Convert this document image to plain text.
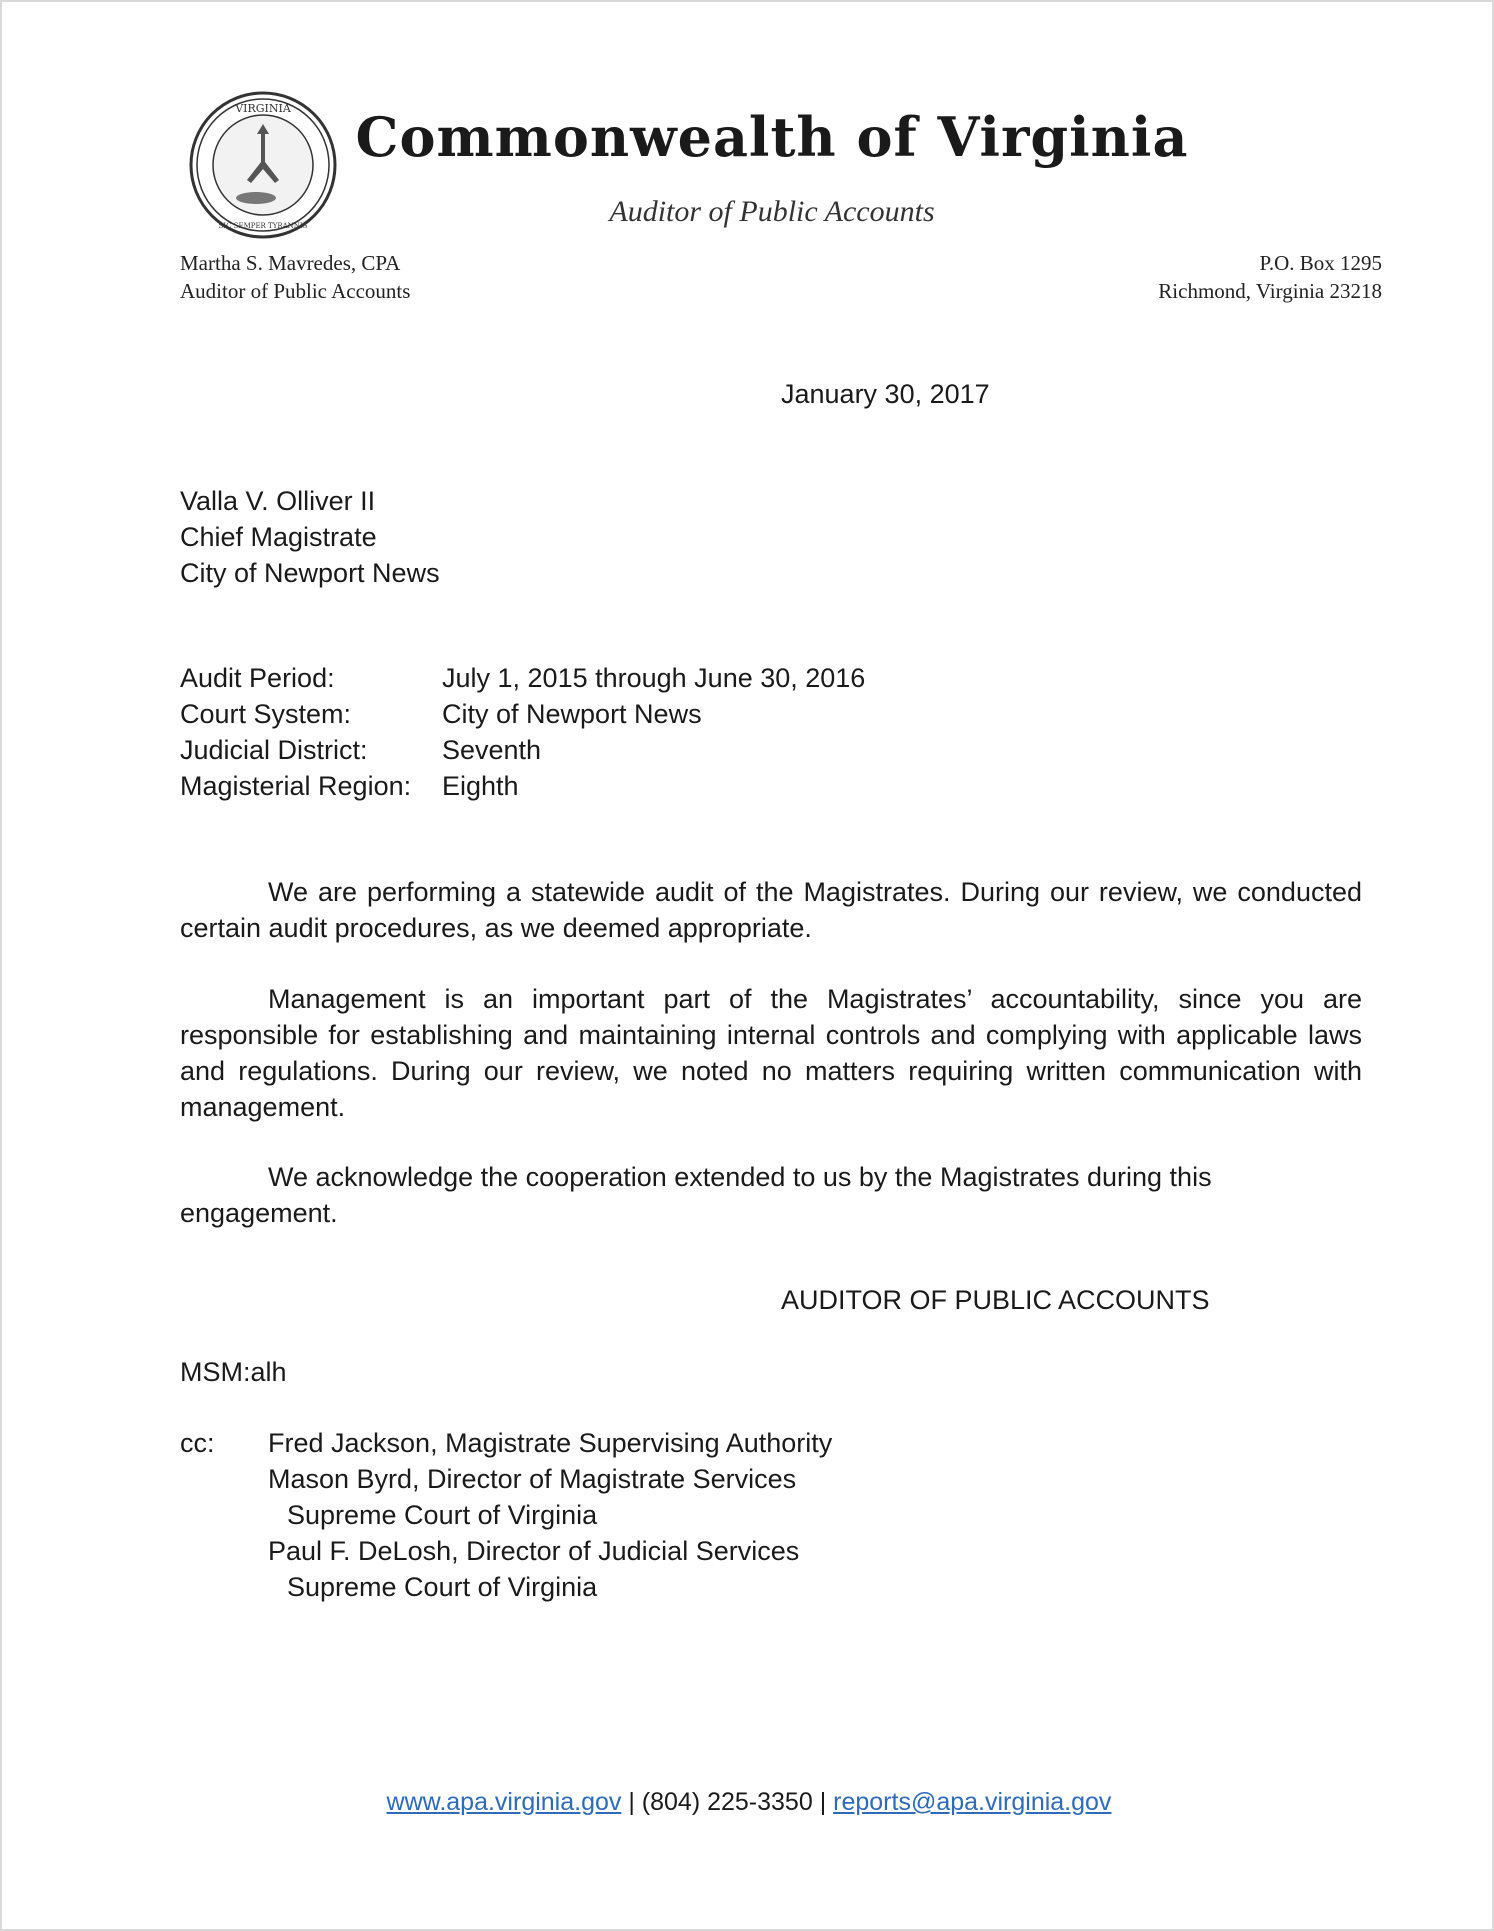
VIRGINIA
SIC SEMPER TYRANNIS
Commonwealth of Virginia
Auditor of Public Accounts
Martha S. Mavredes, CPA
Auditor of Public Accounts
P.O. Box 1295
Richmond, Virginia 23218
January 30, 2017
Valla V. Olliver II
Chief Magistrate
City of Newport News
Audit Period:	July 1, 2015 through June 30, 2016
Court System:	City of Newport News
Judicial District:	Seventh
Magisterial Region:	Eighth
We are performing a statewide audit of the Magistrates. During our review, we conducted certain audit procedures, as we deemed appropriate.
Management is an important part of the Magistrates’ accountability, since you are responsible for establishing and maintaining internal controls and complying with applicable laws and regulations. During our review, we noted no matters requiring written communication with management.
We acknowledge the cooperation extended to us by the Magistrates during this engagement.
AUDITOR OF PUBLIC ACCOUNTS
MSM:alh
cc: Fred Jackson, Magistrate Supervising Authority
Mason Byrd, Director of Magistrate Services
Supreme Court of Virginia
Paul F. DeLosh, Director of Judicial Services
Supreme Court of Virginia
www.apa.virginia.gov | (804) 225-3350 | reports@apa.virginia.gov
